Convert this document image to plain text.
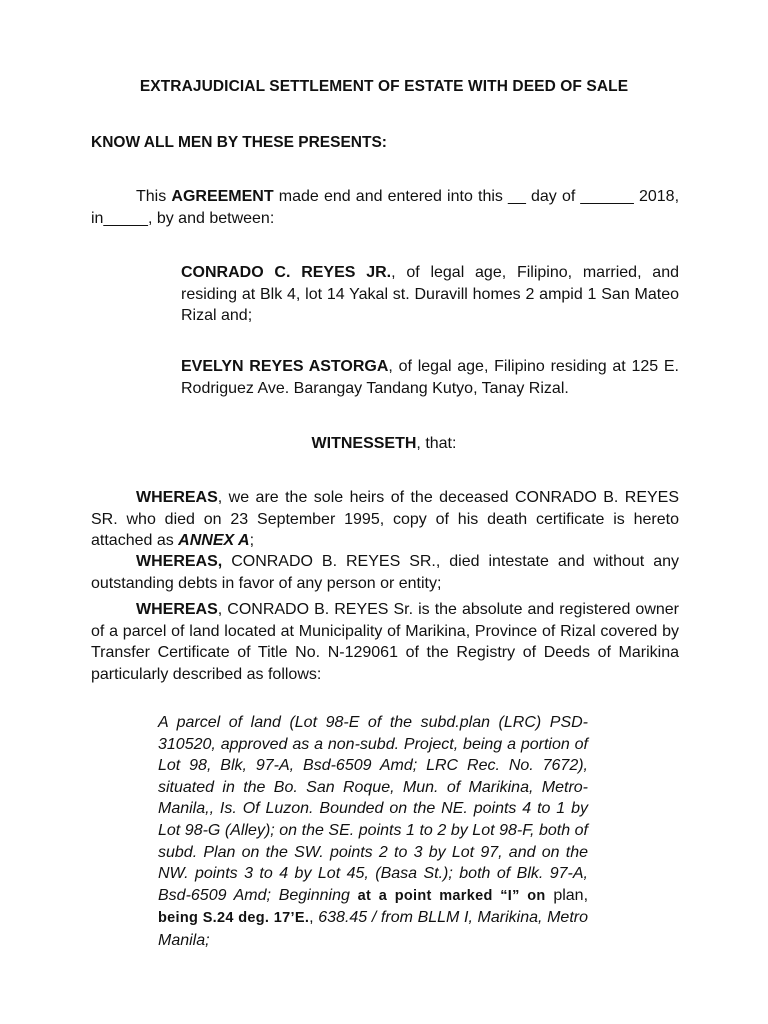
EXTRAJUDICIAL SETTLEMENT OF ESTATE WITH DEED OF SALE
KNOW ALL MEN BY THESE PRESENTS:
This AGREEMENT made end and entered into this __ day of ______ 2018, in_____, by and between:
CONRADO C. REYES JR., of legal age, Filipino, married, and residing at Blk 4, lot 14 Yakal st. Duravill homes 2 ampid 1 San Mateo Rizal and;
EVELYN REYES ASTORGA, of legal age, Filipino residing at 125 E. Rodriguez Ave. Barangay Tandang Kutyo, Tanay Rizal.
WITNESSETH, that:
WHEREAS, we are the sole heirs of the deceased CONRADO B. REYES SR. who died on 23 September 1995, copy of his death certificate is hereto attached as ANNEX A;
WHEREAS, CONRADO B. REYES SR., died intestate and without any outstanding debts in favor of any person or entity;
WHEREAS, CONRADO B. REYES Sr. is the absolute and registered owner of a parcel of land located at Municipality of Marikina, Province of Rizal covered by Transfer Certificate of Title No. N-129061 of the Registry of Deeds of Marikina particularly described as follows:
A parcel of land (Lot 98-E of the subd.plan (LRC) PSD-310520, approved as a non-subd. Project, being a portion of Lot 98, Blk, 97-A, Bsd-6509 Amd; LRC Rec. No. 7672), situated in the Bo. San Roque, Mun. of Marikina, Metro-Manila,, Is. Of Luzon. Bounded on the NE. points 4 to 1 by Lot 98-G (Alley); on the SE. points 1 to 2 by Lot 98-F, both of subd. Plan on the SW. points 2 to 3 by Lot 97, and on the NW. points 3 to 4 by Lot 45, (Basa St.); both of Blk. 97-A, Bsd-6509 Amd; Beginning at a point marked “I” on plan, being S.24 deg. 17’E., 638.45 / from BLLM I, Marikina, Metro Manila;
